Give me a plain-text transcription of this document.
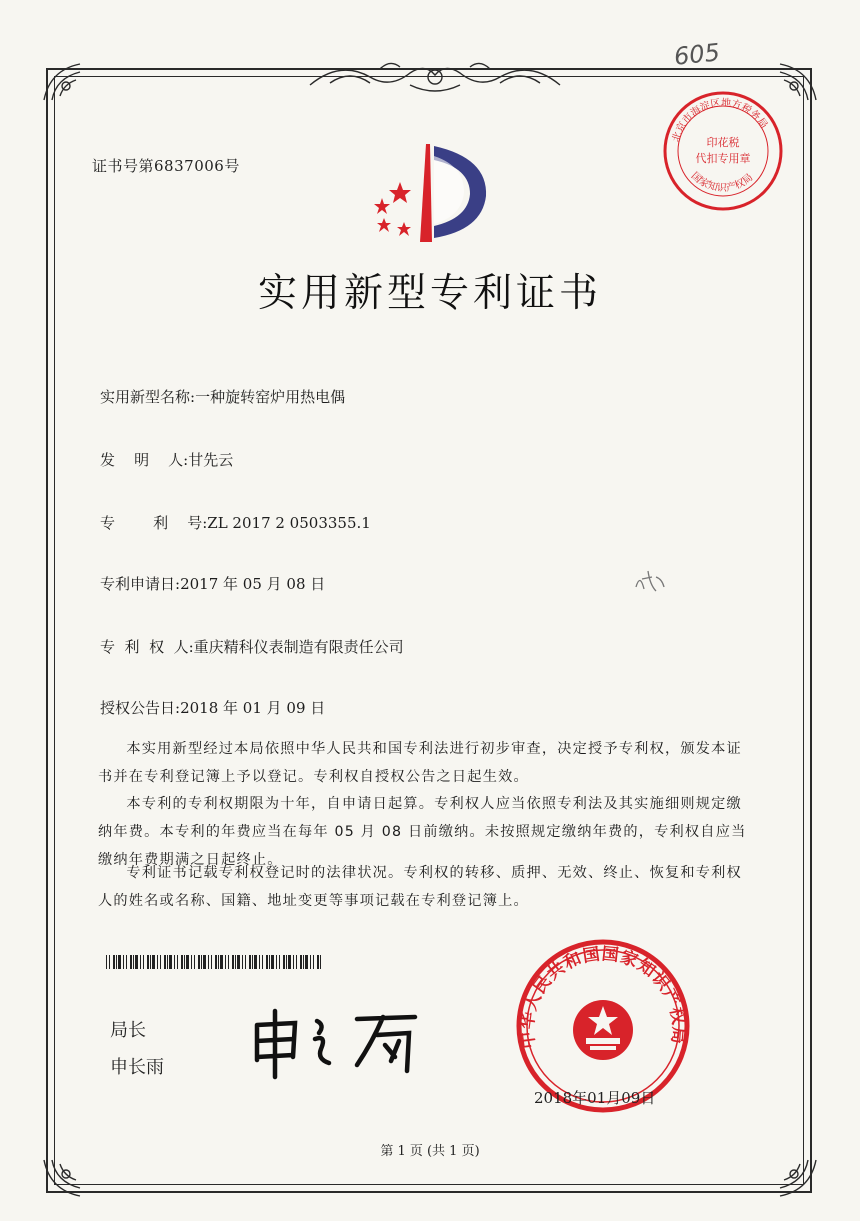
605
印花税
代扣专用章
北京市海淀区地方税务局
国家知识产权局
证书号第6837006号
实用新型专利证书
实用新型名称:一种旋转窑炉用热电偶
发    明    人:甘先云
专        利    号:ZL 2017 2 0503355.1
专利申请日:2017 年 05 月 08 日
专  利  权  人:重庆精科仪表制造有限责任公司
授权公告日:2018 年 01 月 09 日

本实用新型经过本局依照中华人民共和国专利法进行初步审查，决定授予专利权，颁发本证书并在专利登记簿上予以登记。专利权自授权公告之日起生效。

本专利的专利权期限为十年，自申请日起算。专利权人应当依照专利法及其实施细则规定缴纳年费。本专利的年费应当在每年 05 月 08 日前缴纳。未按照规定缴纳年费的，专利权自应当缴纳年费期满之日起终止。

专利证书记载专利权登记时的法律状况。专利权的转移、质押、无效、终止、恢复和专利权人的姓名或名称、国籍、地址变更等事项记载在专利登记簿上。

局长
申长雨
中华人民共和国国家知识产权局
2018年01月09日
第 1 页 (共 1 页)
